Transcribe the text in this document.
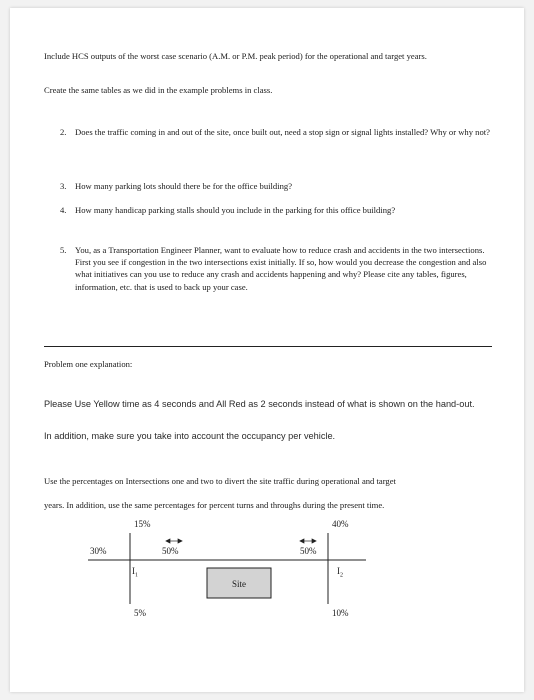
Include HCS outputs of the worst case scenario (A.M. or P.M. peak period) for the operational and target years.

Create the same tables as we did in the example problems in class.

2. Does the traffic coming in and out of the site, once built out, need a stop sign or signal lights installed? Why or why not?
3. How many parking lots should there be for the office building?
4. How many handicap parking stalls should you include in the parking for this office building?
5. You, as a Transportation Engineer Planner, want to evaluate how to reduce crash and accidents in the two intersections. First you see if congestion in the two intersections exist initially. If so, how would you decrease the congestion and also what initiatives can you use to reduce any crash and accidents happening and why? Please cite any tables, figures, information, etc. that is used to back up your case.

Problem one explanation:

Please Use Yellow time as 4 seconds and All Red as 2 seconds instead of what is shown on the hand-out.

In addition, make sure you take into account the occupancy per vehicle.

Use the percentages on Intersections one and two to divert the site traffic during operational and target

years. In addition, use the same percentages for percent turns and throughs during the present time.

Site
15%	40%
30%	50%	50%
5%	10%
$I_1$	$I_2$
